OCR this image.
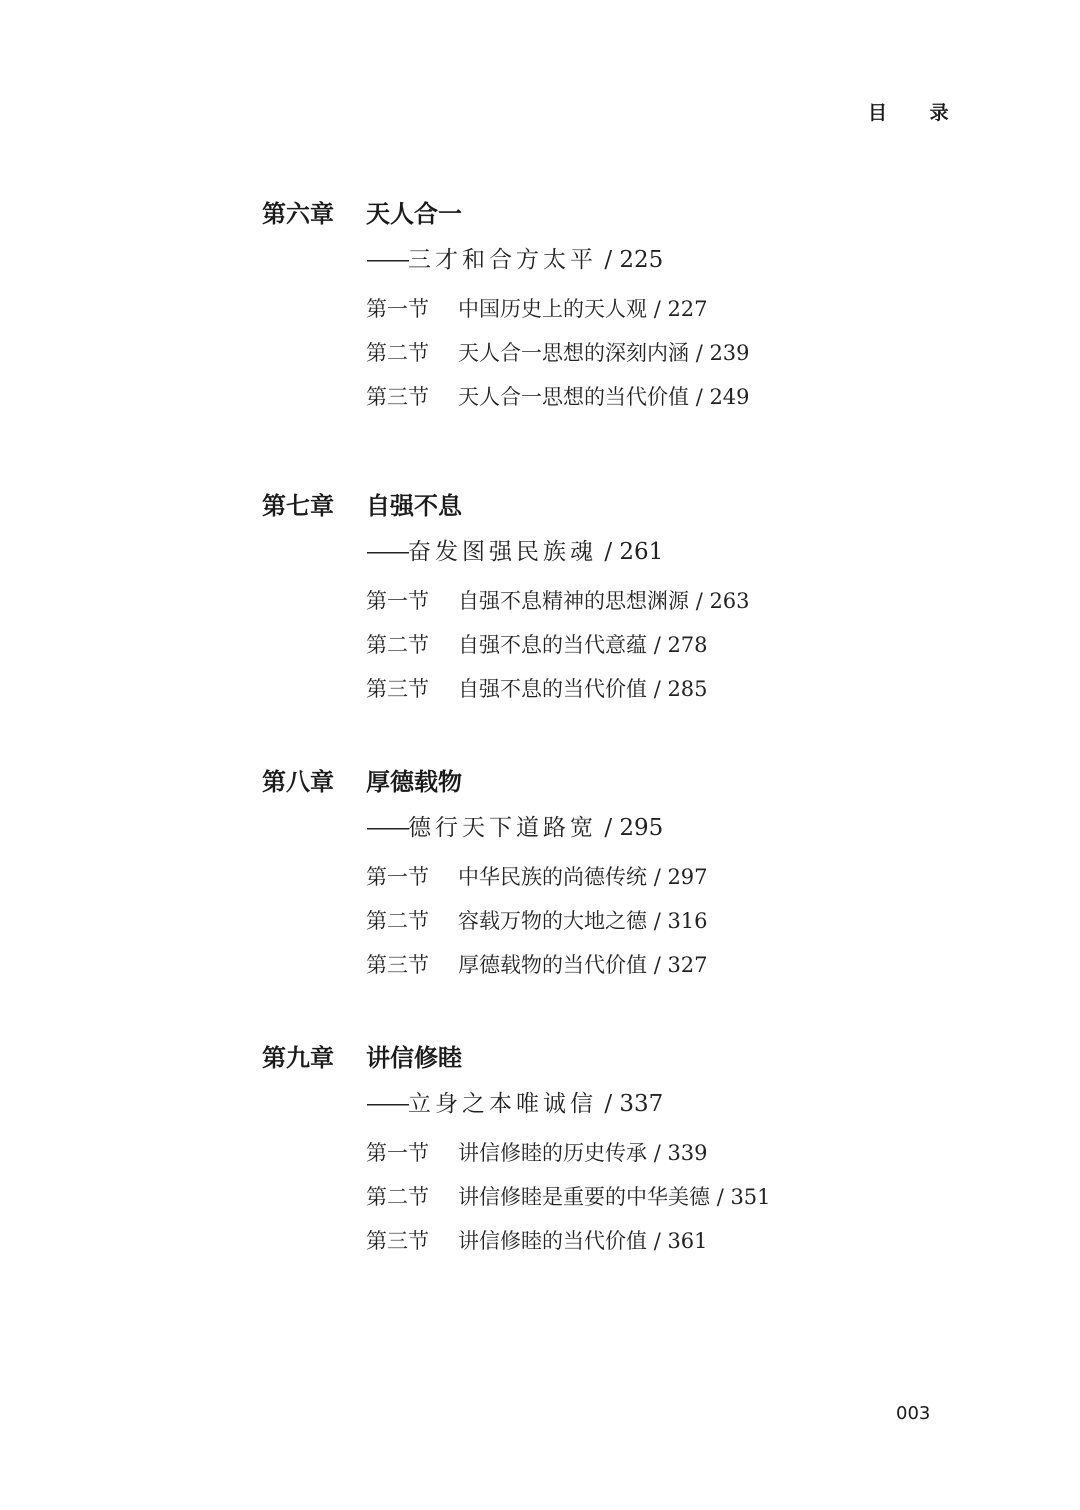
目 录
第六章 天人合一
——三才和合方太平 / 225
第一节 中国历史上的天人观 / 227
第二节 天人合一思想的深刻内涵 / 239
第三节 天人合一思想的当代价值 / 249
第七章 自强不息
——奋发图强民族魂 / 261
第一节 自强不息精神的思想渊源 / 263
第二节 自强不息的当代意蕴 / 278
第三节 自强不息的当代价值 / 285
第八章 厚德载物
——德行天下道路宽 / 295
第一节 中华民族的尚德传统 / 297
第二节 容载万物的大地之德 / 316
第三节 厚德载物的当代价值 / 327
第九章 讲信修睦
——立身之本唯诚信 / 337
第一节 讲信修睦的历史传承 / 339
第二节 讲信修睦是重要的中华美德 / 351
第三节 讲信修睦的当代价值 / 361
003
